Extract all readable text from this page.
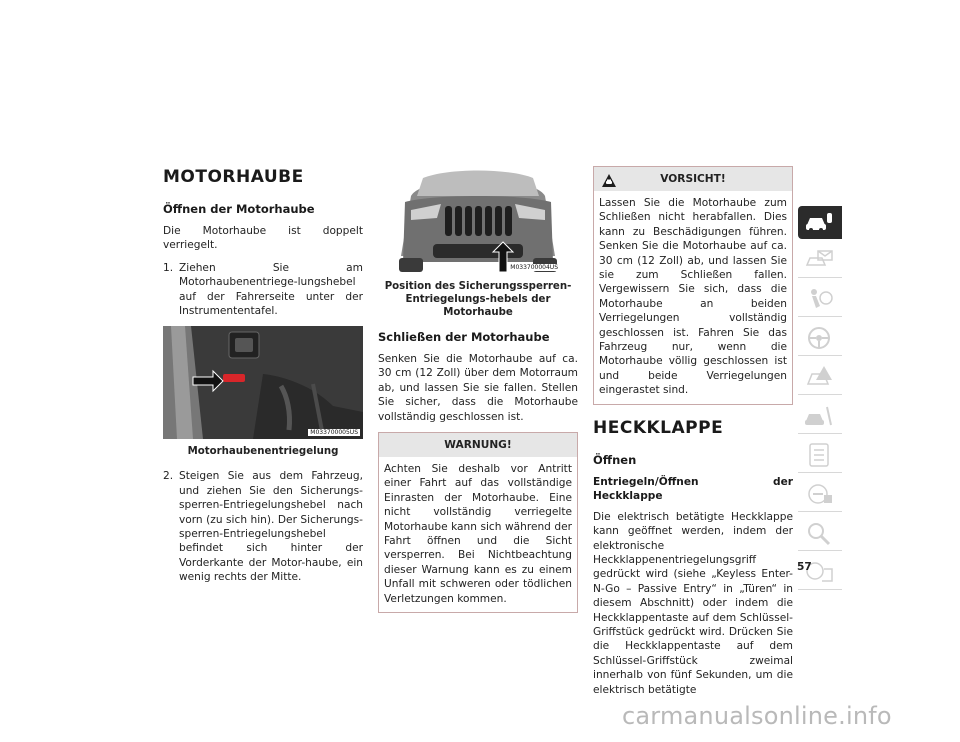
MOTORHAUBE
Öffnen der Motorhaube

Die Motorhaube ist doppelt verriegelt.

1. Ziehen Sie am Motorhaubenentriege-lungshebel auf der Fahrerseite unter der Instrumententafel.
M033700005US
Motorhaubenentriegelung
2. Steigen Sie aus dem Fahrzeug, und ziehen Sie den Sicherungs-sperren-Entriegelungshebel nach vorn (zu sich hin). Der Sicherungs-sperren-Entriegelungshebel befindet sich hinter der Vorderkante der Motor-haube, ein wenig rechts der Mitte.
M033700004US
Position des Sicherungssperren-Entriegelungs-hebels der Motorhaube
Schließen der Motorhaube

Senken Sie die Motorhaube auf ca. 30 cm (12 Zoll) über dem Motorraum ab, und lassen Sie sie fallen. Stellen Sie sicher, dass die Motorhaube vollständig geschlossen ist.

WARNUNG!
Achten Sie deshalb vor Antritt einer Fahrt auf das vollständige Einrasten der Motorhaube. Eine nicht vollständig verriegelte Motorhaube kann sich während der Fahrt öffnen und die Sicht versperren. Bei Nichtbeachtung dieser Warnung kann es zu einem Unfall mit schweren oder tödlichen Verletzungen kommen.
VORSICHT!
Lassen Sie die Motorhaube zum Schließen nicht herabfallen. Dies kann zu Beschädigungen führen. Senken Sie die Motorhaube auf ca. 30 cm (12 Zoll) ab, und lassen Sie sie zum Schließen fallen. Vergewissern Sie sich, dass die Motorhaube an beiden Verriegelungen vollständig geschlossen ist. Fahren Sie das Fahrzeug nur, wenn die Motorhaube völlig geschlossen ist und beide Verriegelungen eingerastet sind.
HECKKLAPPE
Öffnen
Entriegeln/Öffnen der Heckklappe

Die elektrisch betätigte Heckklappe kann geöffnet werden, indem der elektronische Heckklappenentriegelungsgriff gedrückt wird (siehe „Keyless Enter-N-Go – Passive Entry“ in „Türen“ in diesem Abschnitt) oder indem die Heckklappentaste auf dem Schlüssel-Griffstück gedrückt wird. Drücken Sie die Heckklappentaste auf dem Schlüssel-Griffstück zweimal innerhalb von fünf Sekunden, um die elektrisch betätigte

57
carmanualsonline.info
